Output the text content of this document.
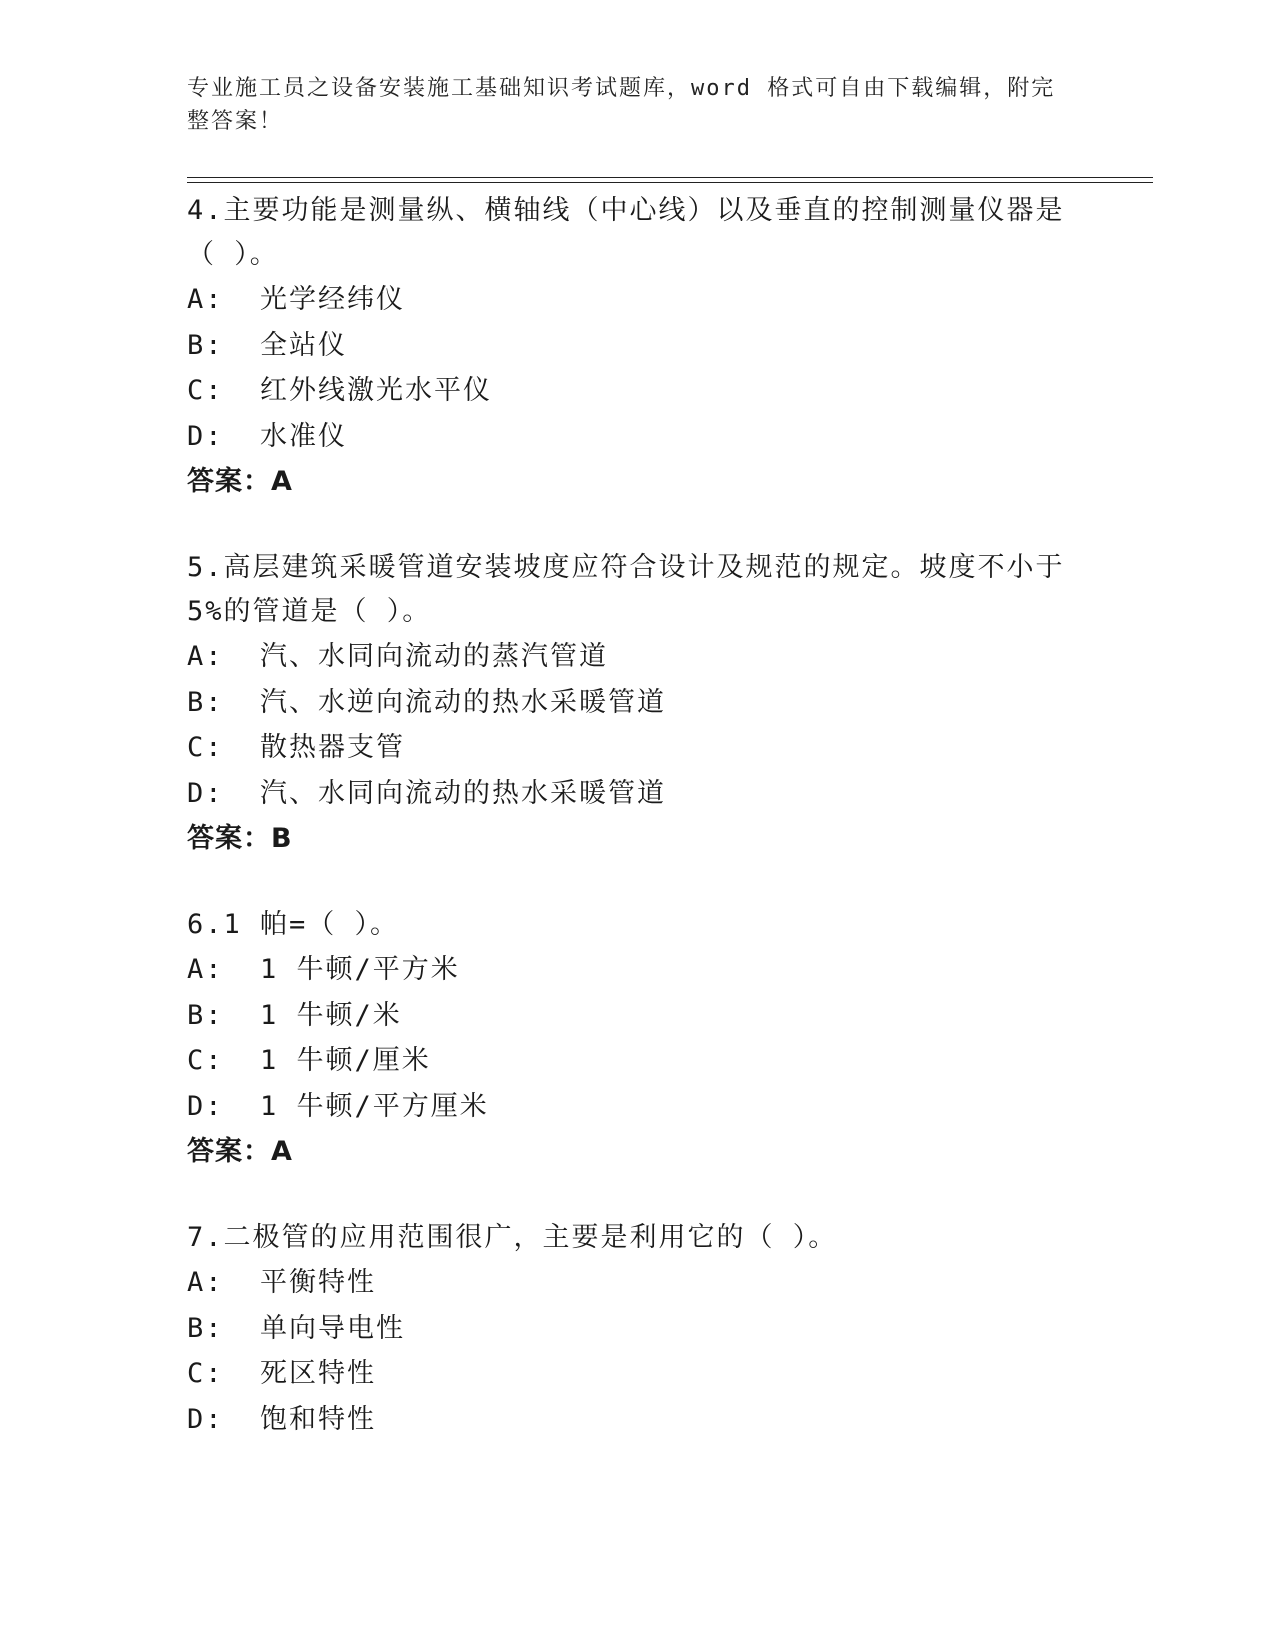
专业施工员之设备安装施工基础知识考试题库，word 格式可自由下载编辑，附完整答案！

4.主要功能是测量纵、横轴线（中心线）以及垂直的控制测量仪器是（ ）。

A:  光学经纬仪

B:  全站仪

C:  红外线激光水平仪

D:  水准仪

答案：A

5.高层建筑采暖管道安装坡度应符合设计及规范的规定。坡度不小于5%的管道是（ ）。

A:  汽、水同向流动的蒸汽管道

B:  汽、水逆向流动的热水采暖管道

C:  散热器支管

D:  汽、水同向流动的热水采暖管道

答案：B

6.1 帕=（ ）。

A:  1 牛顿/平方米

B:  1 牛顿/米

C:  1 牛顿/厘米

D:  1 牛顿/平方厘米

答案：A

7.二极管的应用范围很广，主要是利用它的（ ）。

A:  平衡特性

B:  单向导电性

C:  死区特性

D:  饱和特性
